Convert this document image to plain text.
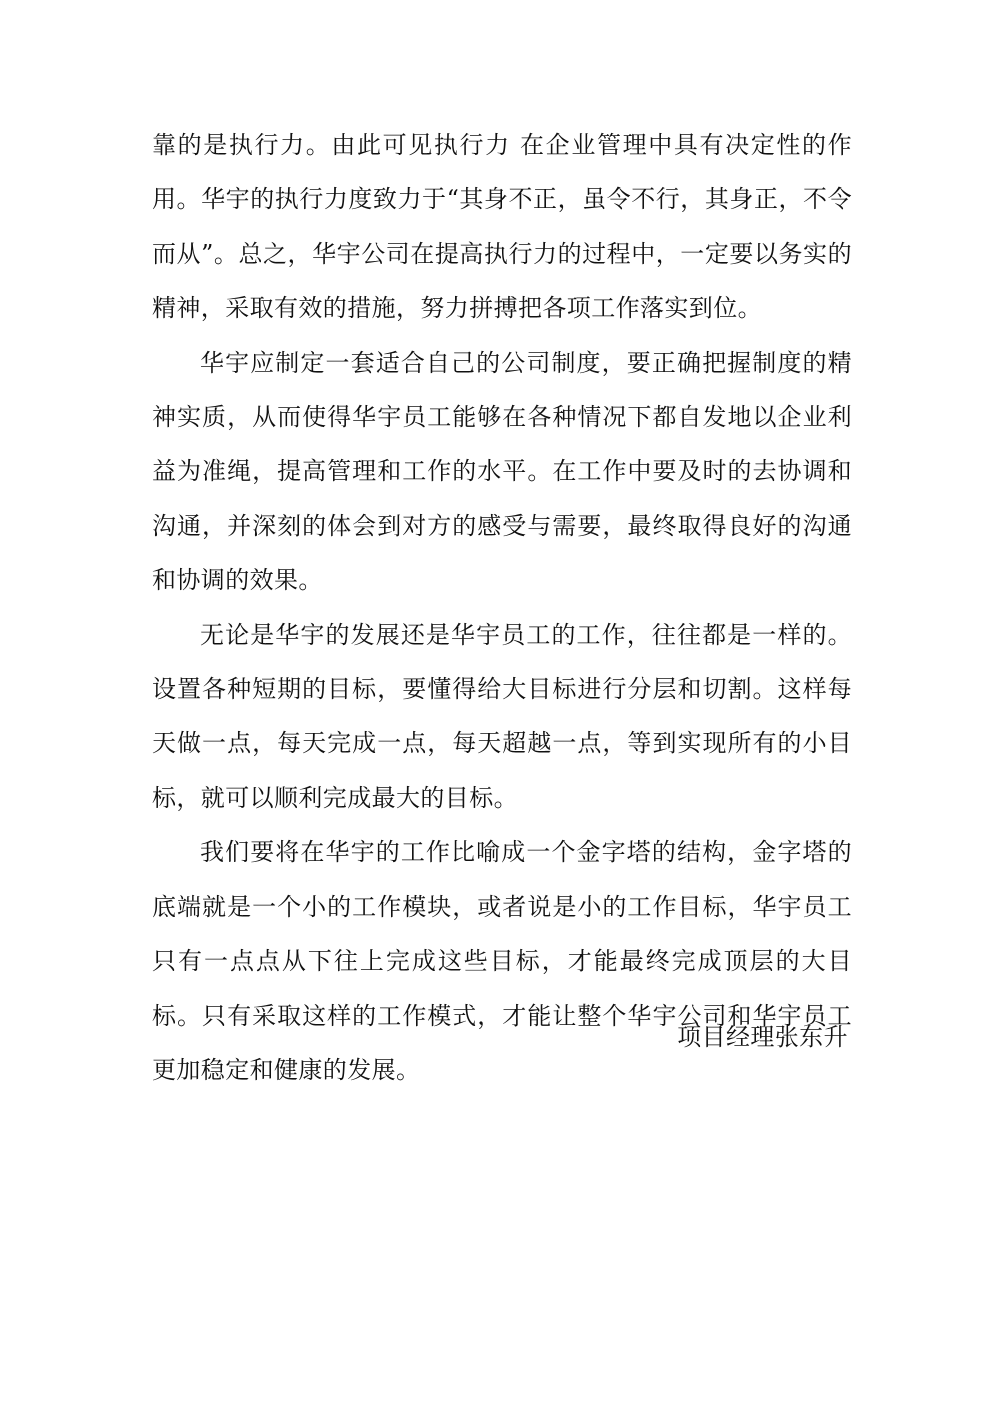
靠的是执行力。由此可见执行力 在企业管理中具有决定性的作用。华宇的执行力度致力于“其身不正，虽令不行，其身正，不令而从”。总之，华宇公司在提高执行力的过程中，一定要以务实的精神，采取有效的措施，努力拼搏把各项工作落实到位。

华宇应制定一套适合自己的公司制度，要正确把握制度的精神实质，从而使得华宇员工能够在各种情况下都自发地以企业利益为准绳，提高管理和工作的水平。在工作中要及时的去协调和沟通，并深刻的体会到对方的感受与需要，最终取得良好的沟通和协调的效果。

无论是华宇的发展还是华宇员工的工作，往往都是一样的。设置各种短期的目标，要懂得给大目标进行分层和切割。这样每天做一点，每天完成一点，每天超越一点，等到实现所有的小目标，就可以顺利完成最大的目标。

我们要将在华宇的工作比喻成一个金字塔的结构，金字塔的底端就是一个小的工作模块，或者说是小的工作目标，华宇员工只有一点点从下往上完成这些目标，才能最终完成顶层的大目标。只有采取这样的工作模式，才能让整个华宇公司和华宇员工更加稳定和健康的发展。

项目经理张东升
